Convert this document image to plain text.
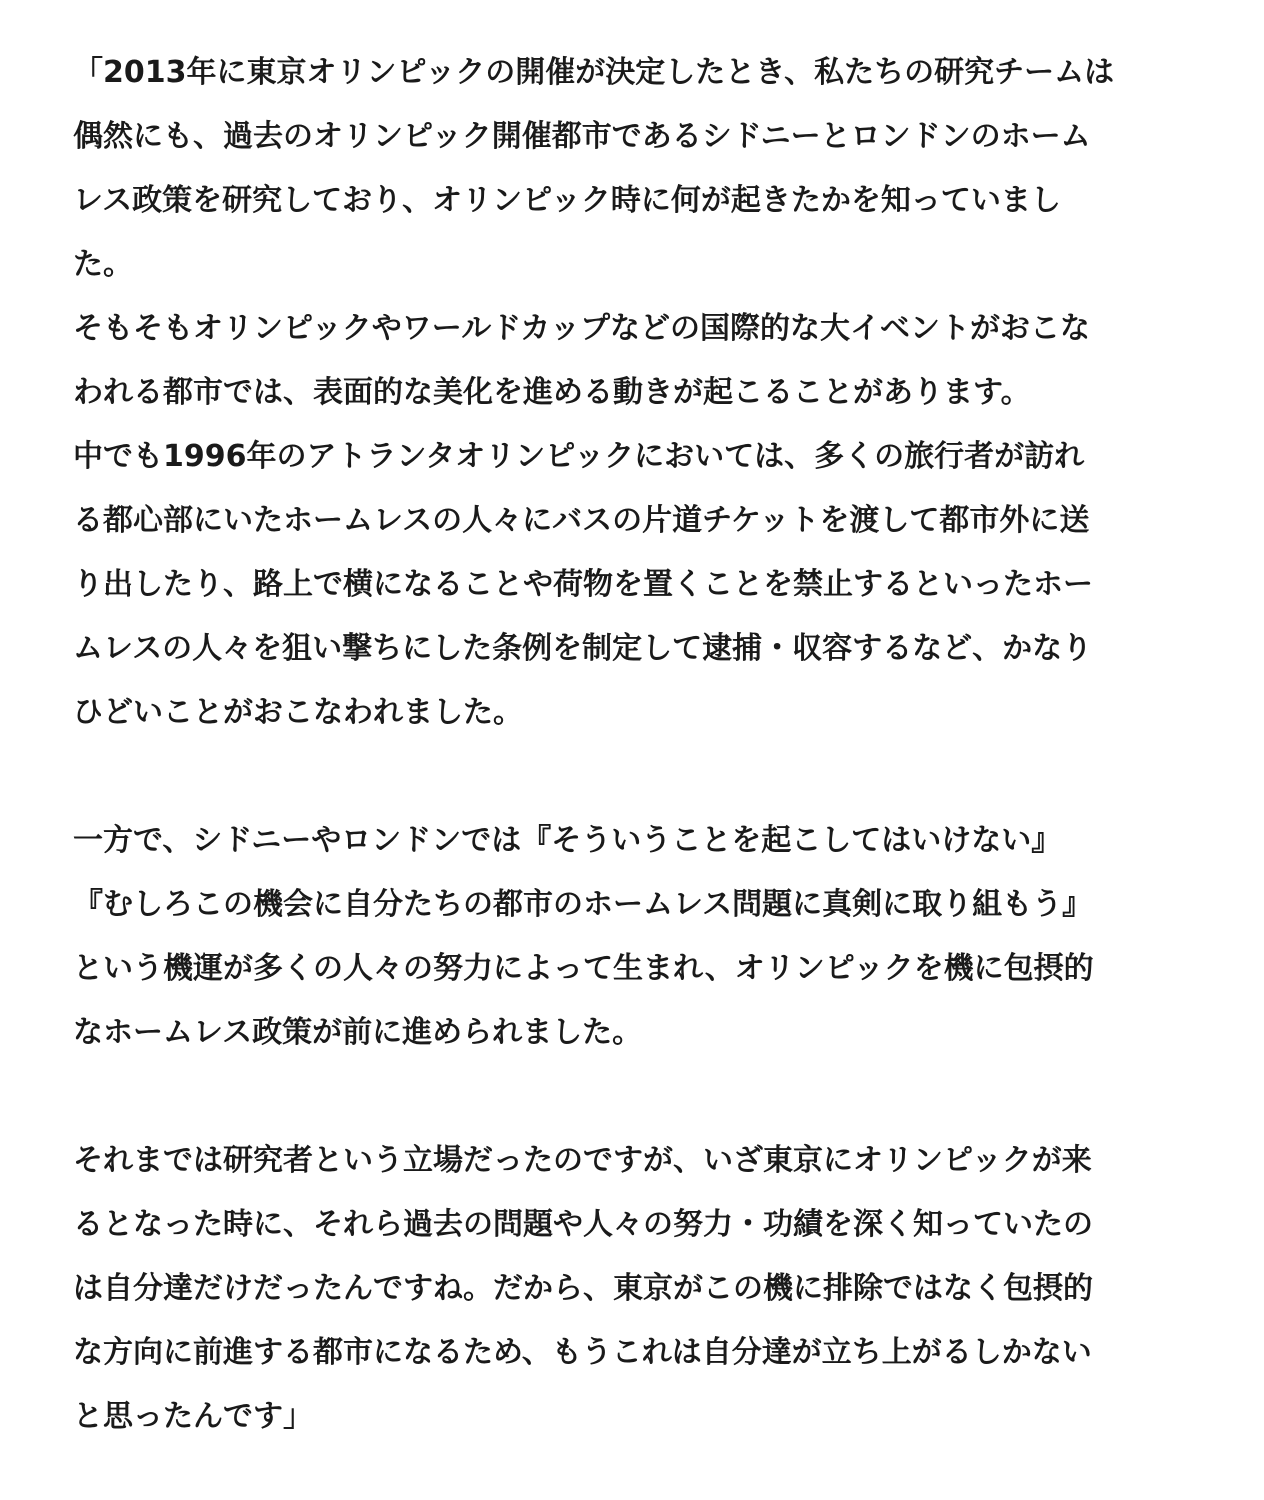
「2013年に東京オリンピックの開催が決定したとき、私たちの研究チームは
偶然にも、過去のオリンピック開催都市であるシドニーとロンドンのホーム
レス政策を研究しており、オリンピック時に何が起きたかを知っていまし
た。
そもそもオリンピックやワールドカップなどの国際的な大イベントがおこな
われる都市では、表面的な美化を進める動きが起こることがあります。
中でも1996年のアトランタオリンピックにおいては、多くの旅行者が訪れ
る都心部にいたホームレスの人々にバスの片道チケットを渡して都市外に送
り出したり、路上で横になることや荷物を置くことを禁止するといったホー
ムレスの人々を狙い撃ちにした条例を制定して逮捕・収容するなど、かなり
ひどいことがおこなわれました。
一方で、シドニーやロンドンでは『そういうことを起こしてはいけない』
『むしろこの機会に自分たちの都市のホームレス問題に真剣に取り組もう』
という機運が多くの人々の努力によって生まれ、オリンピックを機に包摂的
なホームレス政策が前に進められました。
それまでは研究者という立場だったのですが、いざ東京にオリンピックが来
るとなった時に、それら過去の問題や人々の努力・功績を深く知っていたの
は自分達だけだったんですね。だから、東京がこの機に排除ではなく包摂的
な方向に前進する都市になるため、もうこれは自分達が立ち上がるしかない
と思ったんです」
